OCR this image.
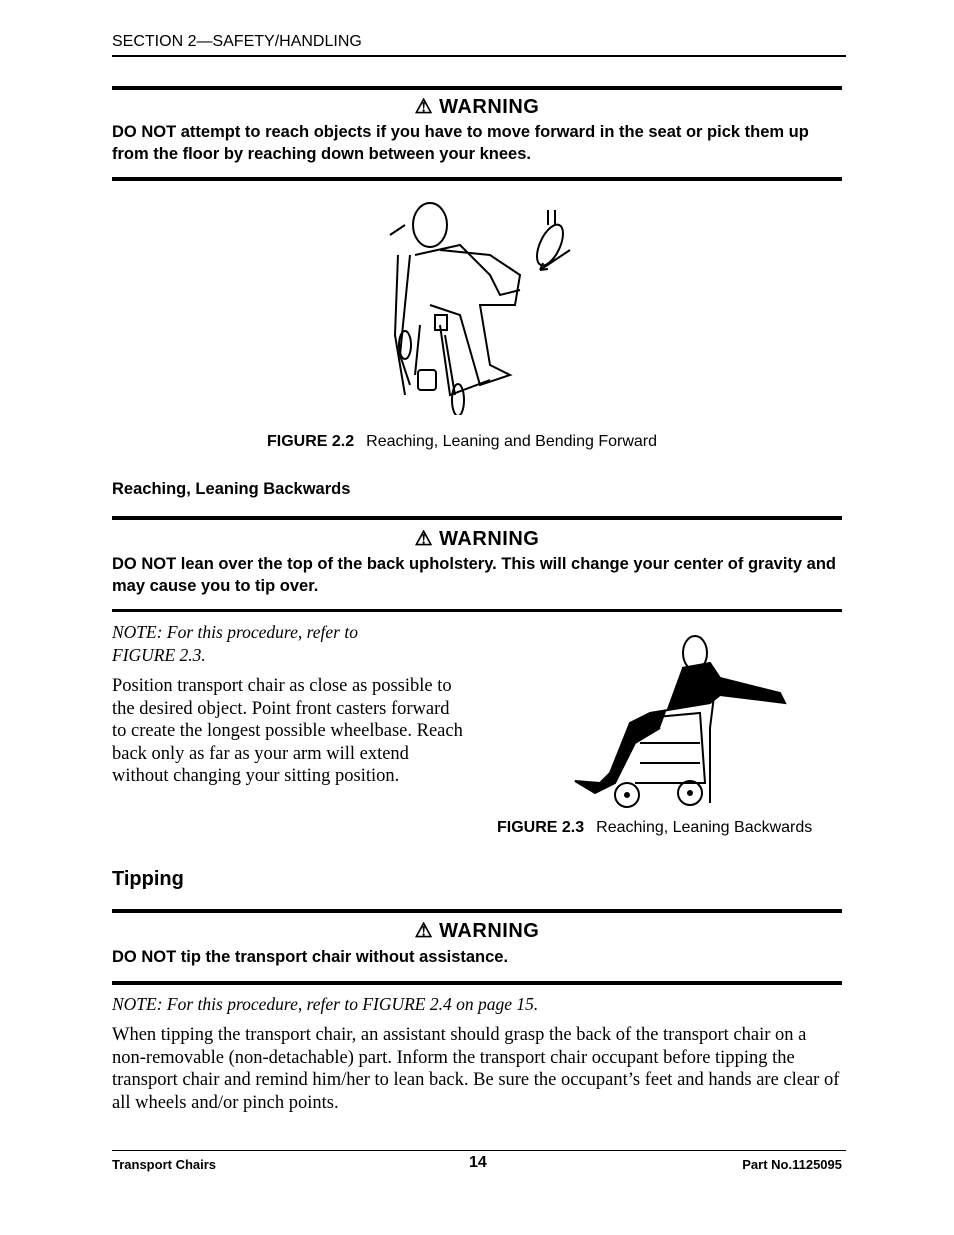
SECTION 2—SAFETY/HANDLING
⚠ WARNING
DO NOT attempt to reach objects if you have to move forward in the seat or pick them up from the floor by reaching down between your knees.
FIGURE 2.2 Reaching, Leaning and Bending Forward
Reaching, Leaning Backwards
⚠ WARNING
DO NOT lean over the top of the back upholstery. This will change your center of gravity and may cause you to tip over.
NOTE: For this procedure, refer to FIGURE 2.3.
Position transport chair as close as possible to the desired object. Point front casters forward to create the longest possible wheelbase. Reach back only as far as your arm will extend without changing your sitting position.
FIGURE 2.3 Reaching, Leaning Backwards
Tipping
⚠ WARNING
DO NOT tip the transport chair without assistance.
NOTE: For this procedure, refer to FIGURE 2.4 on page 15.
When tipping the transport chair, an assistant should grasp the back of the transport chair on a non-removable (non-detachable) part. Inform the transport chair occupant before tipping the transport chair and remind him/her to lean back. Be sure the occupant’s feet and hands are clear of all wheels and/or pinch points.
Transport Chairs	14	Part No.1125095
